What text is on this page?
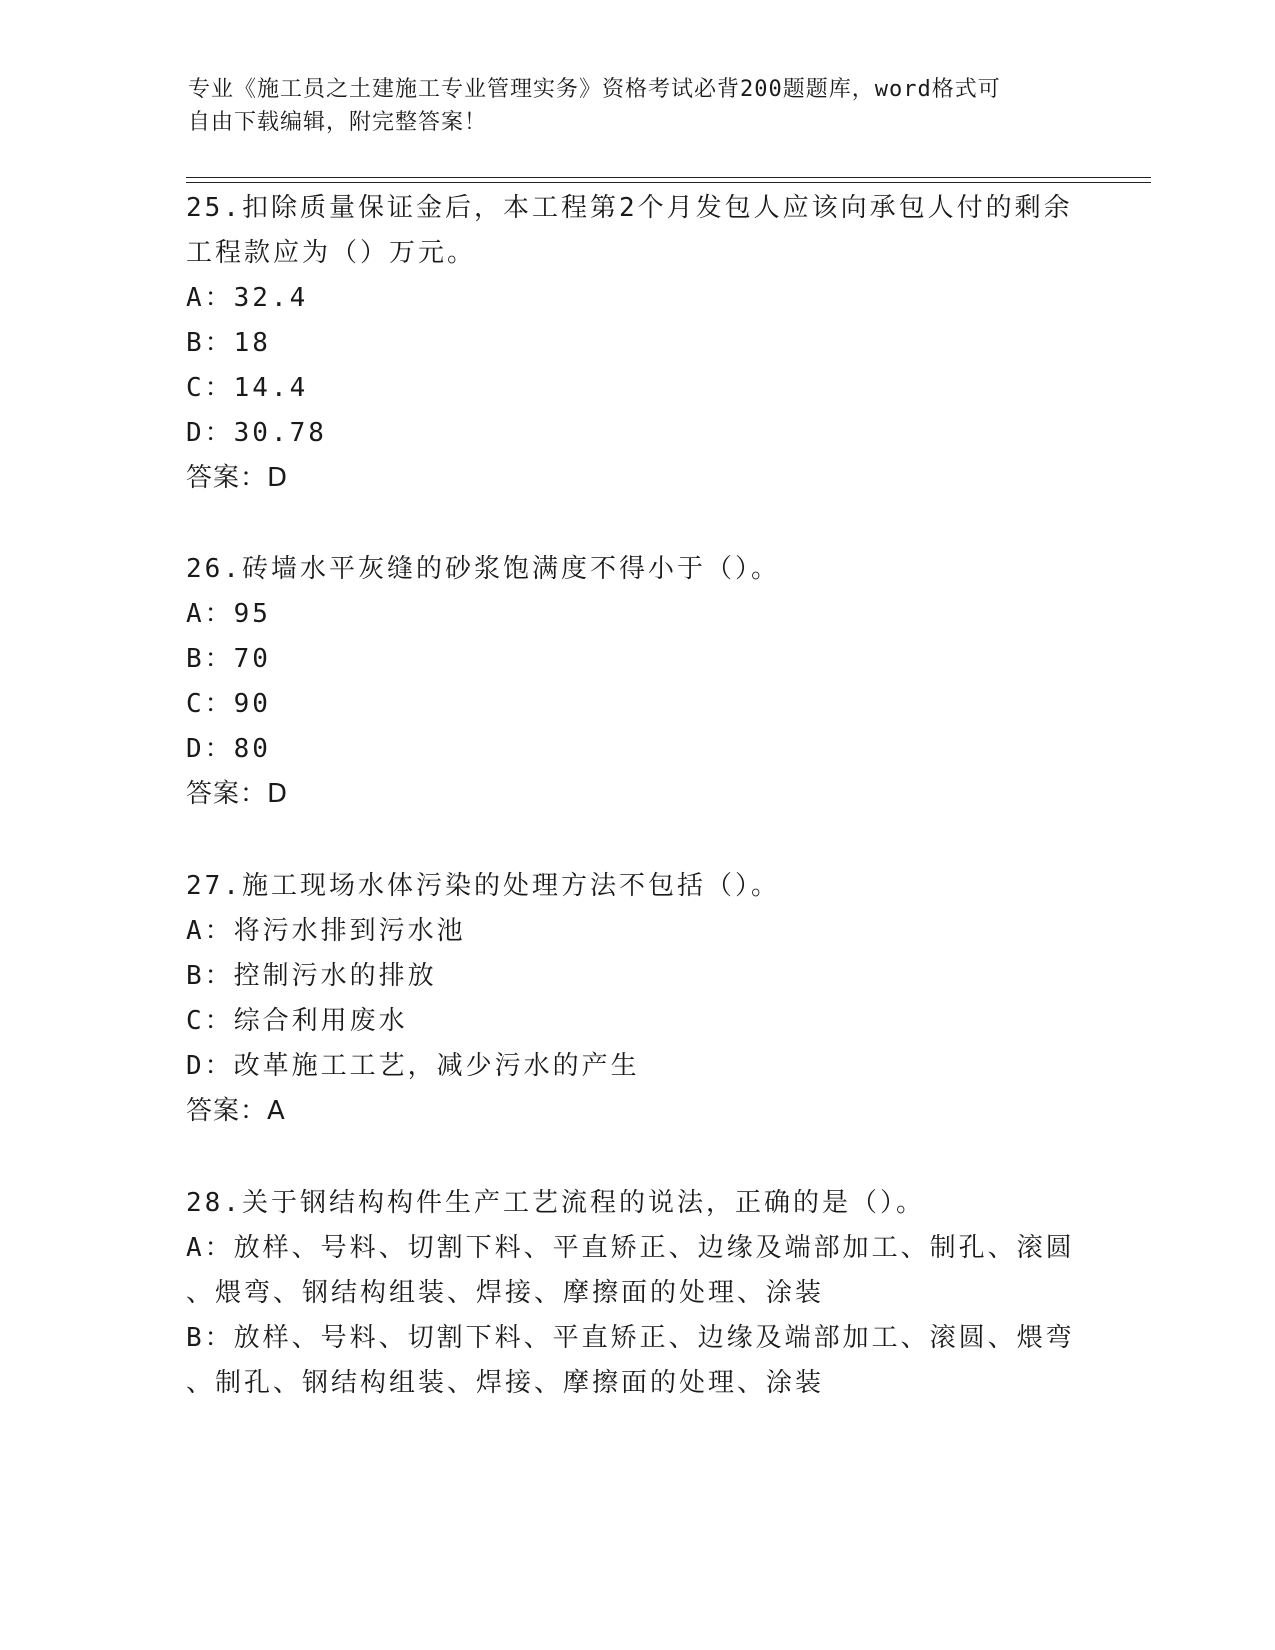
专业《施工员之土建施工专业管理实务》资格考试必背200题题库，word格式可
自由下载编辑，附完整答案！
25.扣除质量保证金后，本工程第2个月发包人应该向承包人付的剩余
工程款应为（）万元。
A：32.4
B：18
C：14.4
D：30.78
答案：D
26.砖墙水平灰缝的砂浆饱满度不得小于（）。
A：95
B：70
C：90
D：80
答案：D
27.施工现场水体污染的处理方法不包括（）。
A：将污水排到污水池
B：控制污水的排放
C：综合利用废水
D：改革施工工艺，减少污水的产生
答案：A
28.关于钢结构构件生产工艺流程的说法，正确的是（）。
A：放样、号料、切割下料、平直矫正、边缘及端部加工、制孔、滚圆
、煨弯、钢结构组装、焊接、摩擦面的处理、涂装
B：放样、号料、切割下料、平直矫正、边缘及端部加工、滚圆、煨弯
、制孔、钢结构组装、焊接、摩擦面的处理、涂装
